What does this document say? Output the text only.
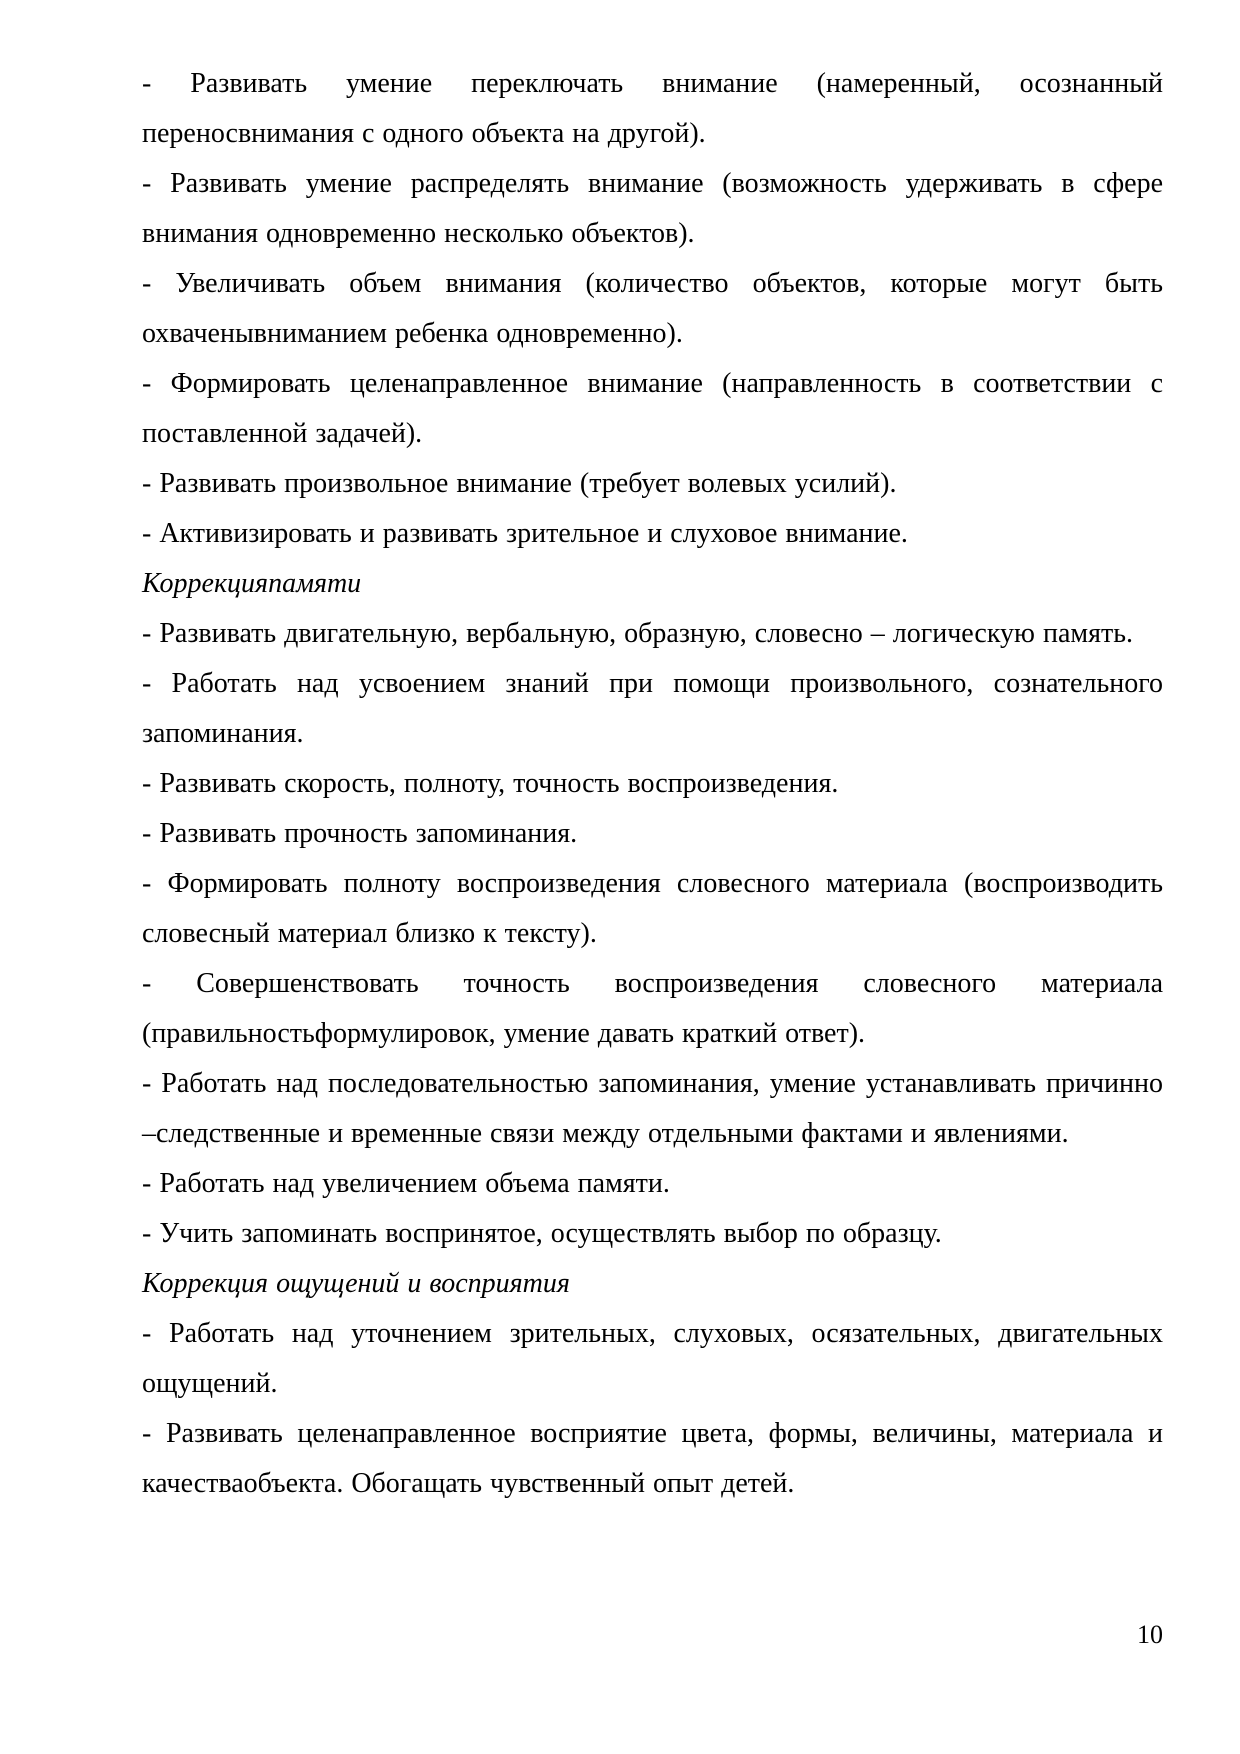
- Развивать умение переключать внимание (намеренный, осознанный переносвнимания с одного объекта на другой).

- Развивать умение распределять внимание (возможность удерживать в сфере внимания одновременно несколько объектов).

- Увеличивать объем внимания (количество объектов, которые могут быть охваченывниманием ребенка одновременно).

- Формировать целенаправленное внимание (направленность в соответствии с поставленной задачей).

- Развивать произвольное внимание (требует волевых усилий).

- Активизировать и развивать зрительное и слуховое внимание.

Коррекцияпамяти

- Развивать двигательную, вербальную, образную, словесно – логическую память.

- Работать над усвоением знаний при помощи произвольного, сознательного запоминания.

- Развивать скорость, полноту, точность воспроизведения.

- Развивать прочность запоминания.

- Формировать полноту воспроизведения словесного материала (воспроизводить словесный материал близко к тексту).

- Совершенствовать точность воспроизведения словесного материала (правильностьформулировок, умение давать краткий ответ).

- Работать над последовательностью запоминания, умение устанавливать причинно –следственные и временные связи между отдельными фактами и явлениями.

- Работать над увеличением объема памяти.

- Учить запоминать воспринятое, осуществлять выбор по образцу.

Коррекция ощущений и восприятия

- Работать над уточнением зрительных, слуховых, осязательных, двигательных ощущений.

- Развивать целенаправленное восприятие цвета, формы, величины, материала и качестваобъекта. Обогащать чувственный опыт детей.

10
